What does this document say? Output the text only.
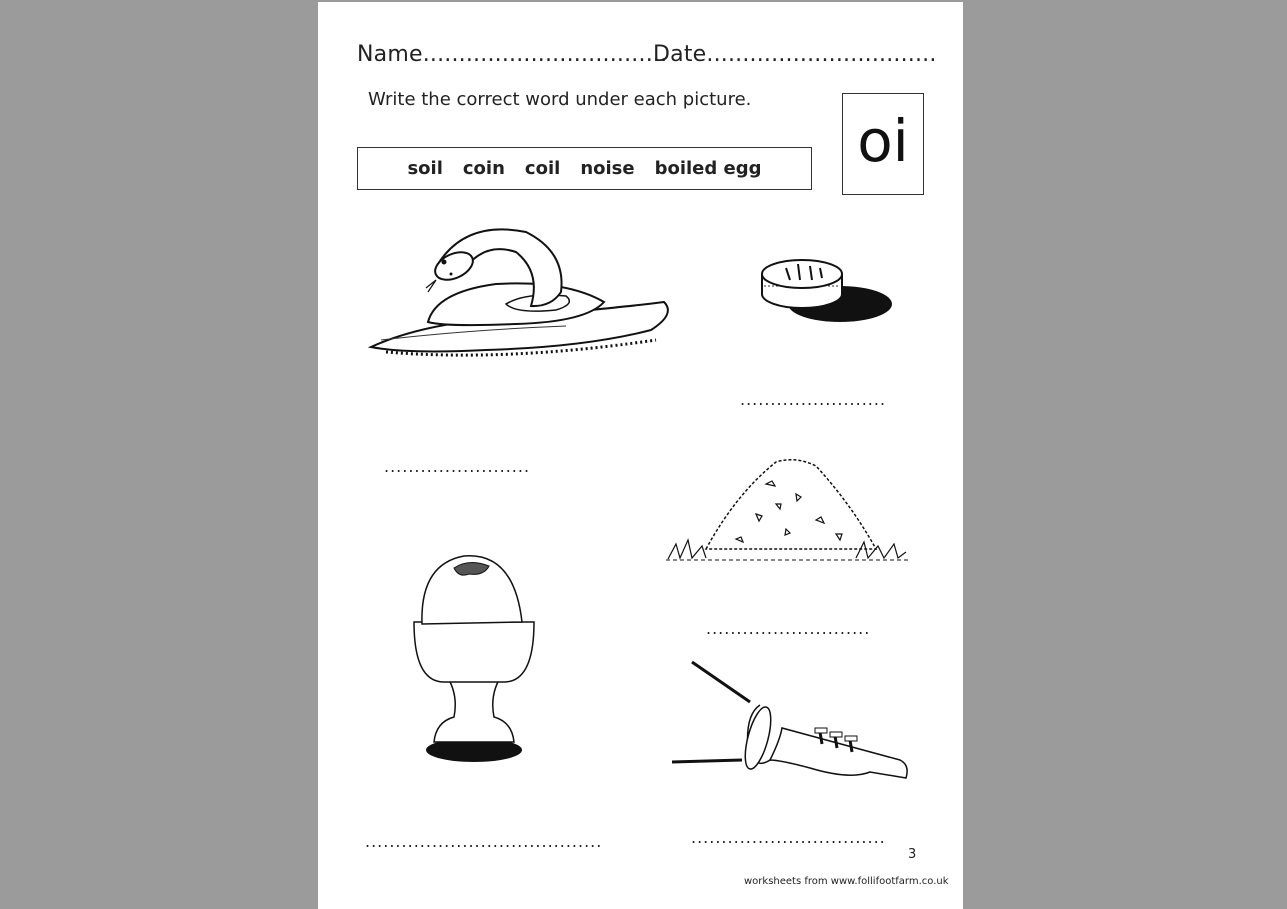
Name..................................
Date................................
Write the correct word under each picture.
soil coin coil noise boiled egg oi
........................
........................
...........................
.......................................	................................
3
worksheets from www.follifootfarm.co.uk
